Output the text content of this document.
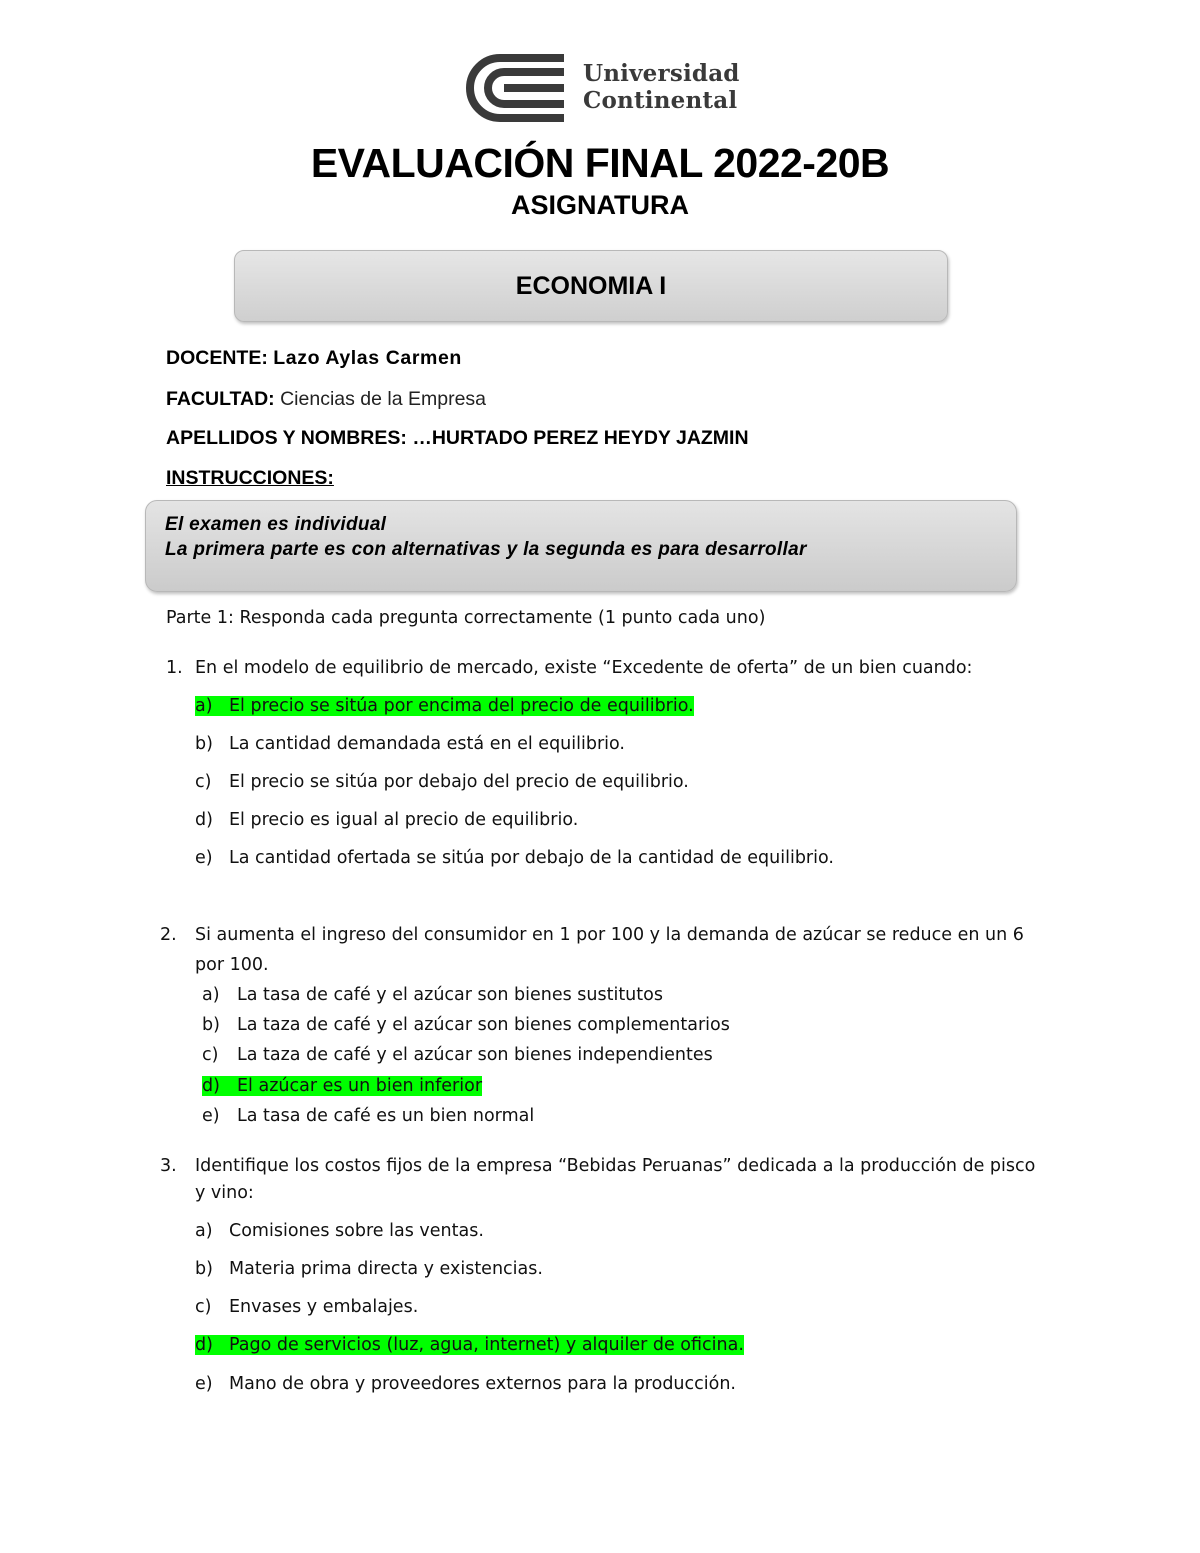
Universidad
Continental
EVALUACIÓN FINAL 2022-20B
ASIGNATURA
ECONOMIA I
DOCENTE: Lazo Aylas Carmen
FACULTAD: Ciencias de la Empresa
APELLIDOS Y NOMBRES: …HURTADO PEREZ HEYDY JAZMIN
INSTRUCCIONES:
El examen es individual
La primera parte es con alternativas y la segunda es para desarrollar
Parte 1: Responda cada pregunta correctamente (1 punto cada uno)
1. En el modelo de equilibrio de mercado, existe “Excedente de oferta” de un bien cuando:
a) El precio se sitúa por encima del precio de equilibrio.
b) La cantidad demandada está en el equilibrio.
c) El precio se sitúa por debajo del precio de equilibrio.
d) El precio es igual al precio de equilibrio.
e) La cantidad ofertada se sitúa por debajo de la cantidad de equilibrio.
2. Si aumenta el ingreso del consumidor en 1 por 100 y la demanda de azúcar se reduce en un 6
por 100.
a) La tasa de café y el azúcar son bienes sustitutos
b) La taza de café y el azúcar son bienes complementarios
c) La taza de café y el azúcar son bienes independientes
d) El azúcar es un bien inferior
e) La tasa de café es un bien normal
3. Identifique los costos fijos de la empresa “Bebidas Peruanas” dedicada a la producción de pisco
y vino:
a) Comisiones sobre las ventas.
b) Materia prima directa y existencias.
c) Envases y embalajes.
d) Pago de servicios (luz, agua, internet) y alquiler de oficina.
e) Mano de obra y proveedores externos para la producción.
